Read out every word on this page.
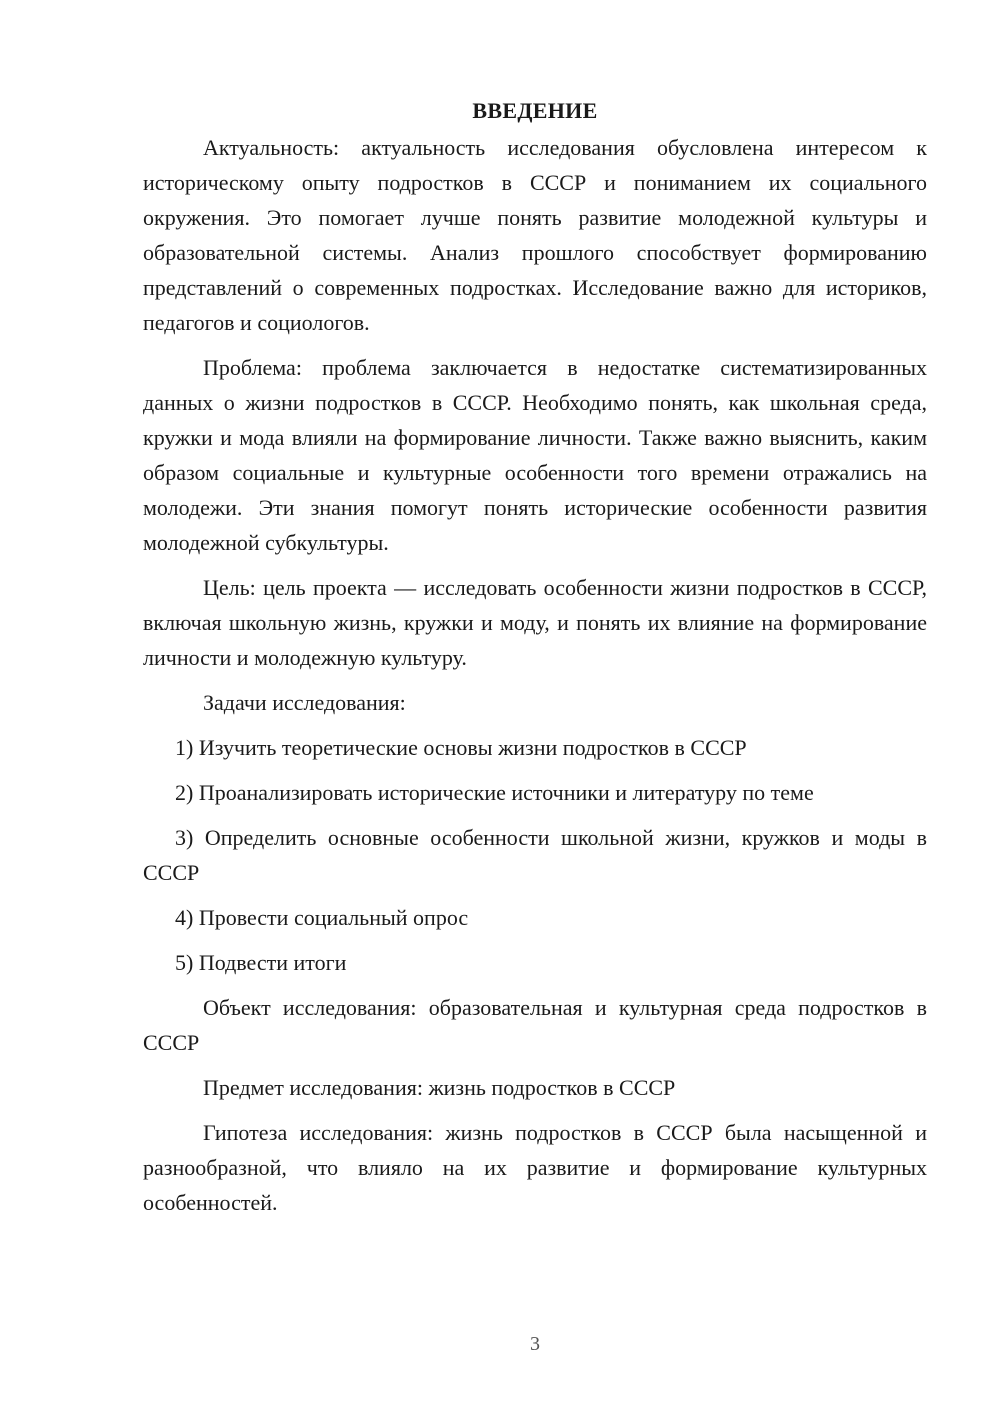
ВВЕДЕНИЕ

Актуальность: актуальность исследования обусловлена интересом к историческому опыту подростков в СССР и пониманием их социального окружения. Это помогает лучше понять развитие молодежной культуры и образовательной системы. Анализ прошлого способствует формированию представлений о современных подростках. Исследование важно для историков, педагогов и социологов.

Проблема: проблема заключается в недостатке систематизированных данных о жизни подростков в СССР. Необходимо понять, как школьная среда, кружки и мода влияли на формирование личности. Также важно выяснить, каким образом социальные и культурные особенности того времени отражались на молодежи. Эти знания помогут понять исторические особенности развития молодежной субкультуры.

Цель: цель проекта — исследовать особенности жизни подростков в СССР, включая школьную жизнь, кружки и моду, и понять их влияние на формирование личности и молодежную культуру.

Задачи исследования:

1) Изучить теоретические основы жизни подростков в СССР

2) Проанализировать исторические источники и литературу по теме

3) Определить основные особенности школьной жизни, кружков и моды в СССР

4) Провести социальный опрос

5) Подвести итоги

Объект исследования: образовательная и культурная среда подростков в СССР

Предмет исследования: жизнь подростков в СССР

Гипотеза исследования: жизнь подростков в СССР была насыщенной и разнообразной, что влияло на их развитие и формирование культурных особенностей.

3
